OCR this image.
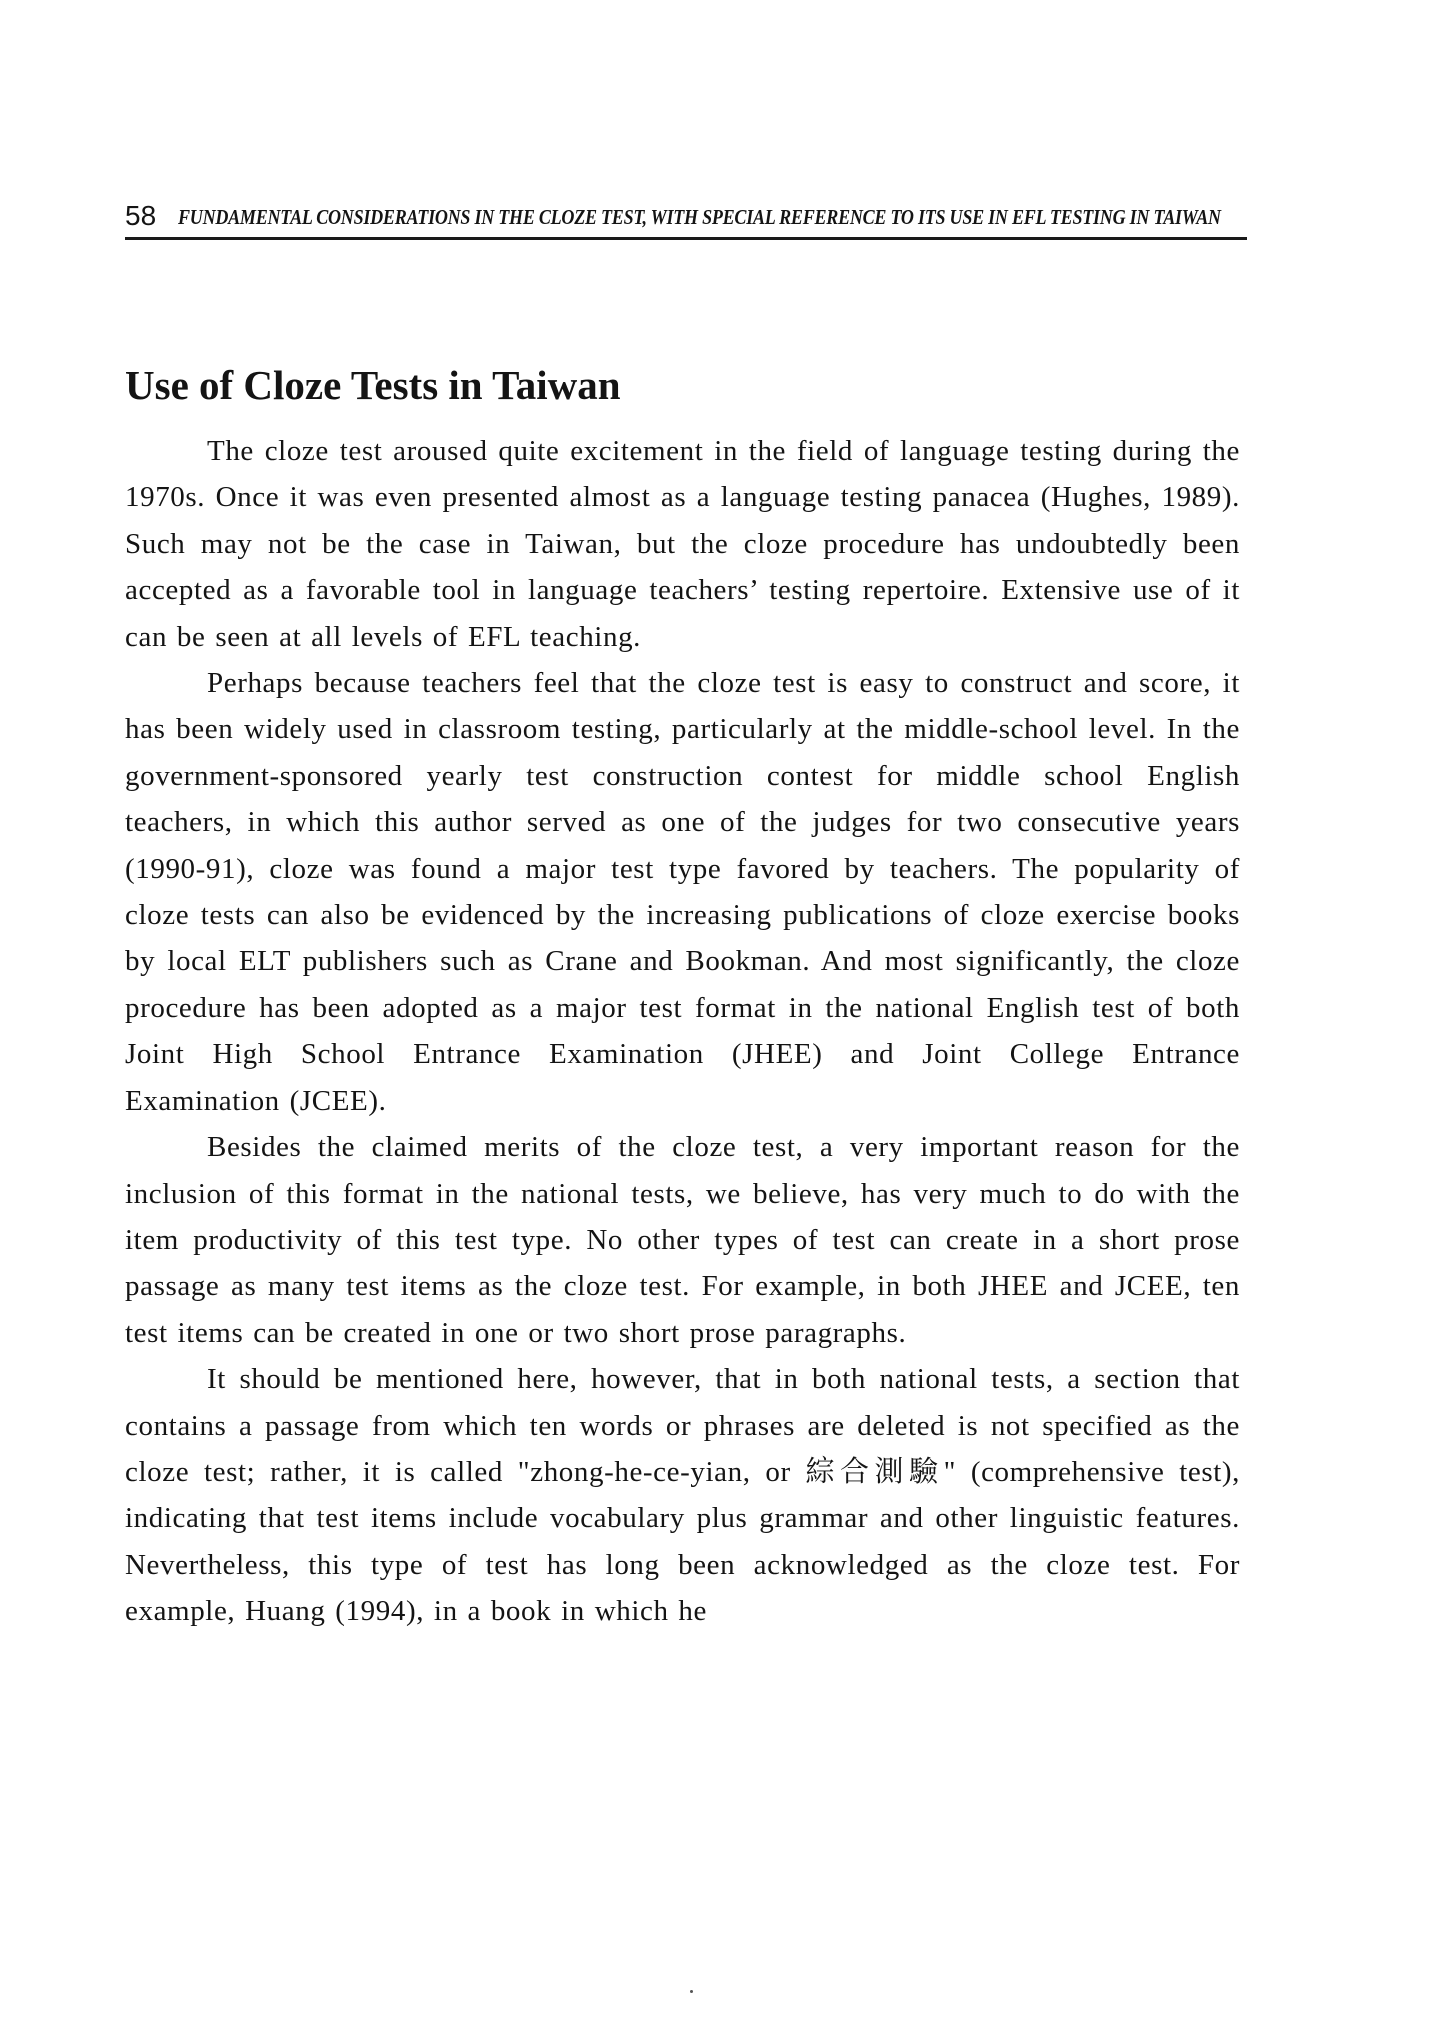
58 FUNDAMENTAL CONSIDERATIONS IN THE CLOZE TEST, WITH SPECIAL REFERENCE TO ITS USE IN EFL TESTING IN TAIWAN
Use of Cloze Tests in Taiwan

The cloze test aroused quite excitement in the field of language testing during the 1970s. Once it was even presented almost as a language testing panacea (Hughes, 1989). Such may not be the case in Taiwan, but the cloze procedure has undoubtedly been accepted as a favorable tool in language teachers’ testing repertoire. Extensive use of it can be seen at all levels of EFL teaching.

Perhaps because teachers feel that the cloze test is easy to construct and score, it has been widely used in classroom testing, particularly at the middle-school level. In the government-sponsored yearly test construction contest for middle school English teachers, in which this author served as one of the judges for two consecutive years (1990-91), cloze was found a major test type favored by teachers. The popularity of cloze tests can also be evidenced by the increasing publications of cloze exercise books by local ELT publishers such as Crane and Bookman. And most significantly, the cloze procedure has been adopted as a major test format in the national English test of both Joint High School Entrance Examination (JHEE) and Joint College Entrance Examination (JCEE).

Besides the claimed merits of the cloze test, a very important reason for the inclusion of this format in the national tests, we believe, has very much to do with the item productivity of this test type. No other types of test can create in a short prose passage as many test items as the cloze test. For example, in both JHEE and JCEE, ten test items can be created in one or two short prose paragraphs.

It should be mentioned here, however, that in both national tests, a section that contains a passage from which ten words or phrases are deleted is not specified as the cloze test; rather, it is called "zhong-he-ce-yian, or 綜合測驗" (comprehensive test), indicating that test items include vocabulary plus grammar and other linguistic features. Nevertheless, this type of test has long been acknowledged as the cloze test. For example, Huang (1994), in a book in which he
